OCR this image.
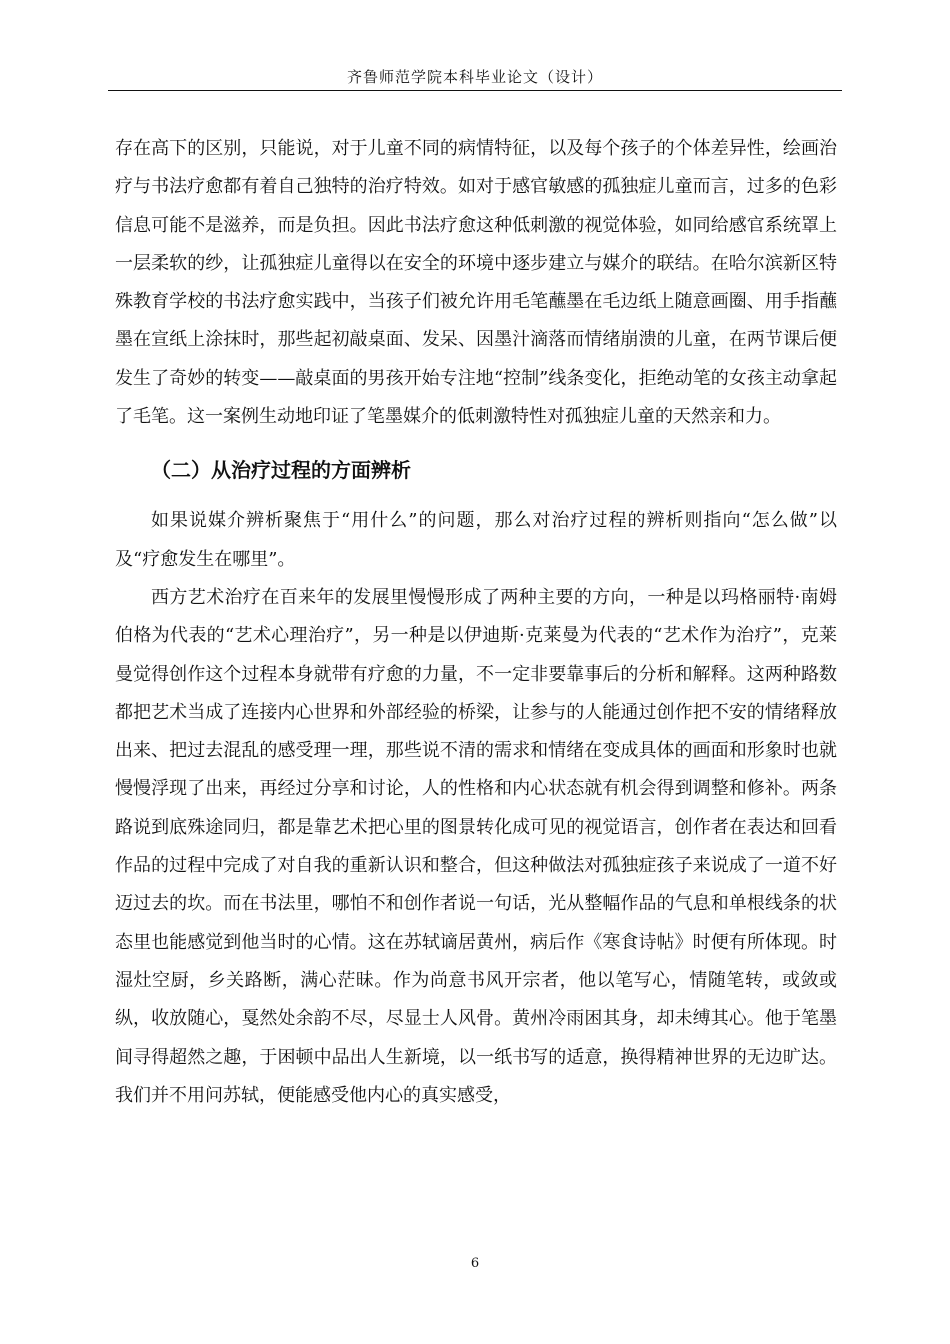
齐鲁师范学院本科毕业论文（设计）

存在高下的区别，只能说，对于儿童不同的病情特征，以及每个孩子的个体差异性，绘画治疗与书法疗愈都有着自己独特的治疗特效。如对于感官敏感的孤独症儿童而言，过多的色彩信息可能不是滋养，而是负担。因此书法疗愈这种低刺激的视觉体验，如同给感官系统罩上一层柔软的纱，让孤独症儿童得以在安全的环境中逐步建立与媒介的联结。在哈尔滨新区特殊教育学校的书法疗愈实践中，当孩子们被允许用毛笔蘸墨在毛边纸上随意画圈、用手指蘸墨在宣纸上涂抹时，那些起初敲桌面、发呆、因墨汁滴落而情绪崩溃的儿童，在两节课后便发生了奇妙的转变——敲桌面的男孩开始专注地“控制”线条变化，拒绝动笔的女孩主动拿起了毛笔。这一案例生动地印证了笔墨媒介的低刺激特性对孤独症儿童的天然亲和力。

（二）从治疗过程的方面辨析

如果说媒介辨析聚焦于“用什么”的问题，那么对治疗过程的辨析则指向“怎么做”以及“疗愈发生在哪里”。

西方艺术治疗在百来年的发展里慢慢形成了两种主要的方向，一种是以玛格丽特·南姆伯格为代表的“艺术心理治疗”，另一种是以伊迪斯·克莱曼为代表的“艺术作为治疗”，克莱曼觉得创作这个过程本身就带有疗愈的力量，不一定非要靠事后的分析和解释。这两种路数都把艺术当成了连接内心世界和外部经验的桥梁，让参与的人能通过创作把不安的情绪释放出来、把过去混乱的感受理一理，那些说不清的需求和情绪在变成具体的画面和形象时也就慢慢浮现了出来，再经过分享和讨论，人的性格和内心状态就有机会得到调整和修补。两条路说到底殊途同归，都是靠艺术把心里的图景转化成可见的视觉语言，创作者在表达和回看作品的过程中完成了对自我的重新认识和整合，但这种做法对孤独症孩子来说成了一道不好迈过去的坎。而在书法里，哪怕不和创作者说一句话，光从整幅作品的气息和单根线条的状态里也能感觉到他当时的心情。这在苏轼谪居黄州，病后作《寒食诗帖》时便有所体现。时湿灶空厨，乡关路断，满心茫昧。作为尚意书风开宗者，他以笔写心，情随笔转，或敛或纵，收放随心，戛然处余韵不尽，尽显士人风骨。黄州冷雨困其身，却未缚其心。他于笔墨间寻得超然之趣，于困顿中品出人生新境，以一纸书写的适意，换得精神世界的无边旷达。我们并不用问苏轼，便能感受他内心的真实感受，

6
